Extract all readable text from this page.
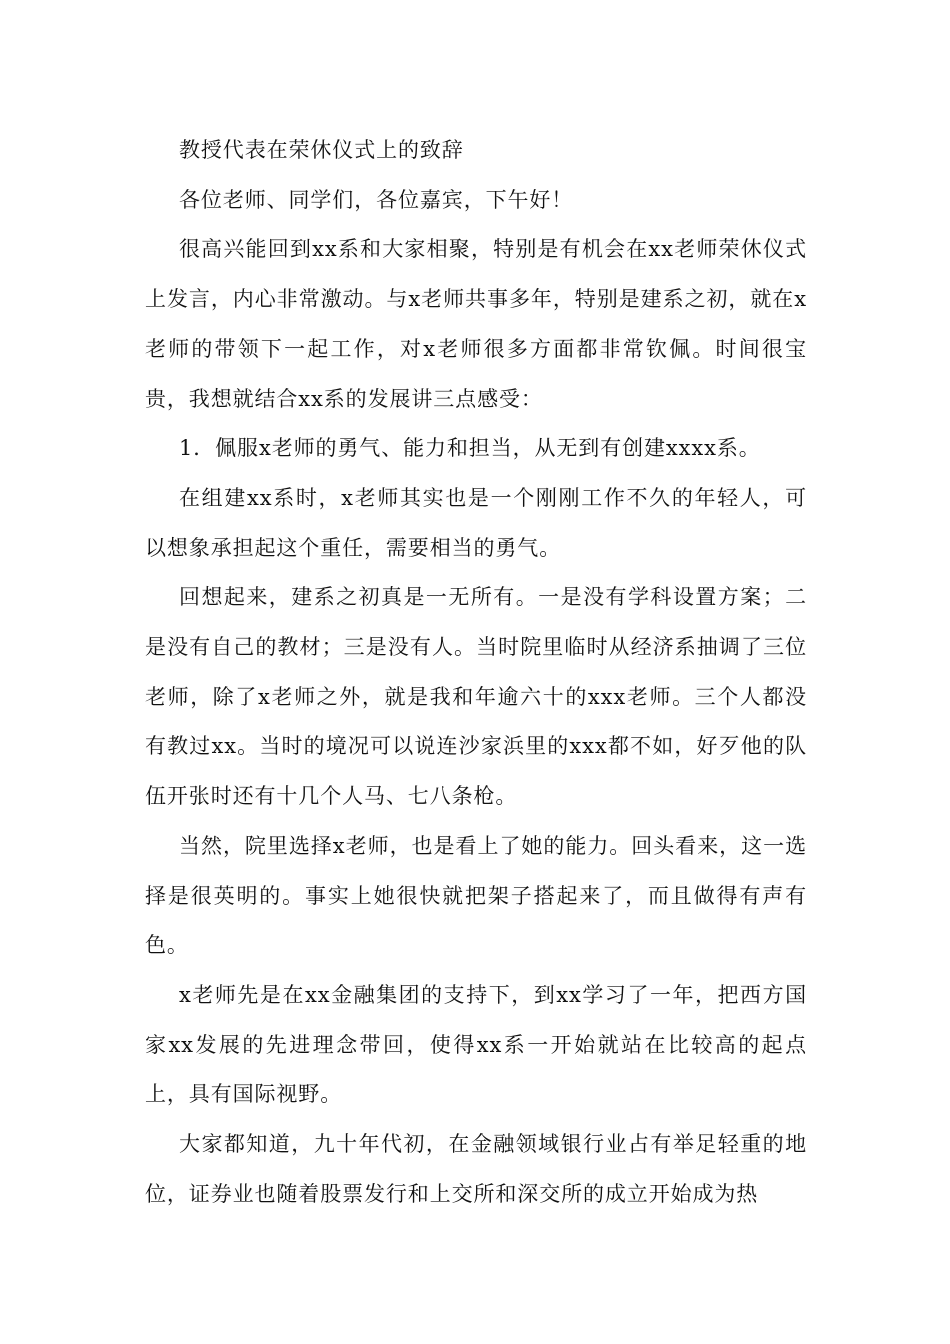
教授代表在荣休仪式上的致辞

各位老师、同学们，各位嘉宾，下午好！

很高兴能回到xx系和大家相聚，特别是有机会在xx老师荣休仪式上发言，内心非常激动。与x老师共事多年，特别是建系之初，就在x老师的带领下一起工作，对x老师很多方面都非常钦佩。时间很宝贵，我想就结合xx系的发展讲三点感受：

1．佩服x老师的勇气、能力和担当，从无到有创建xxxx系。

在组建xx系时，x老师其实也是一个刚刚工作不久的年轻人，可以想象承担起这个重任，需要相当的勇气。

回想起来，建系之初真是一无所有。一是没有学科设置方案；二是没有自己的教材；三是没有人。当时院里临时从经济系抽调了三位老师，除了x老师之外，就是我和年逾六十的xxx老师。三个人都没有教过xx。当时的境况可以说连沙家浜里的xxx都不如，好歹他的队伍开张时还有十几个人马、七八条枪。

当然，院里选择x老师，也是看上了她的能力。回头看来，这一选择是很英明的。事实上她很快就把架子搭起来了，而且做得有声有色。

x老师先是在xx金融集团的支持下，到xx学习了一年，把西方国家xx发展的先进理念带回，使得xx系一开始就站在比较高的起点上，具有国际视野。

大家都知道，九十年代初，在金融领域银行业占有举足轻重的地位，证券业也随着股票发行和上交所和深交所的成立开始成为热
